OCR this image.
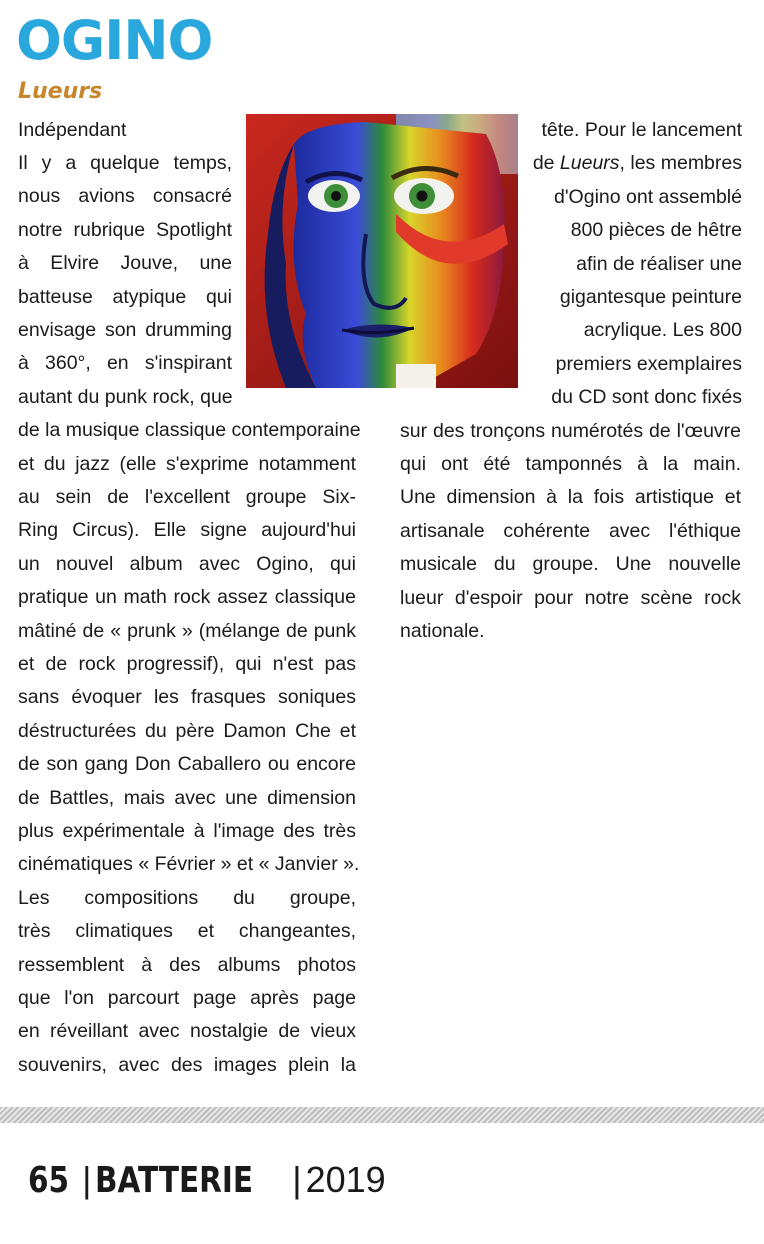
OGINO
Lueurs
Indépendant
Il y a quelque temps,
nous avions consacré
notre rubrique Spotlight
à Elvire Jouve, une
batteuse atypique qui
envisage son drumming
à 360°, en s'inspirant
autant du punk rock, que
de la musique classique contemporaine
et du jazz (elle s'exprime notamment
au sein de l'excellent groupe Six-
Ring Circus). Elle signe aujourd'hui
un nouvel album avec Ogino, qui
pratique un math rock assez classique
mâtiné de « prunk » (mélange de punk
et de rock progressif), qui n'est pas
sans évoquer les frasques soniques
déstructurées du père Damon Che et
de son gang Don Caballero ou encore
de Battles, mais avec une dimension
plus expérimentale à l'image des très
cinématiques « Février » et « Janvier ».
Les compositions du groupe,
très climatiques et changeantes,
ressemblent à des albums photos
que l'on parcourt page après page
en réveillant avec nostalgie de vieux
souvenirs, avec des images plein la
tête. Pour le lancement
de Lueurs, les membres
d'Ogino ont assemblé
800 pièces de hêtre
afin de réaliser une
gigantesque peinture
acrylique. Les 800
premiers exemplaires
du CD sont donc fixés
sur des tronçons numérotés de l'œuvre
qui ont été tamponnés à la main.
Une dimension à la fois artistique et
artisanale cohérente avec l'éthique
musicale du groupe. Une nouvelle
lueur d'espoir pour notre scène rock
nationale.
65 | BATTERIE | 2019
